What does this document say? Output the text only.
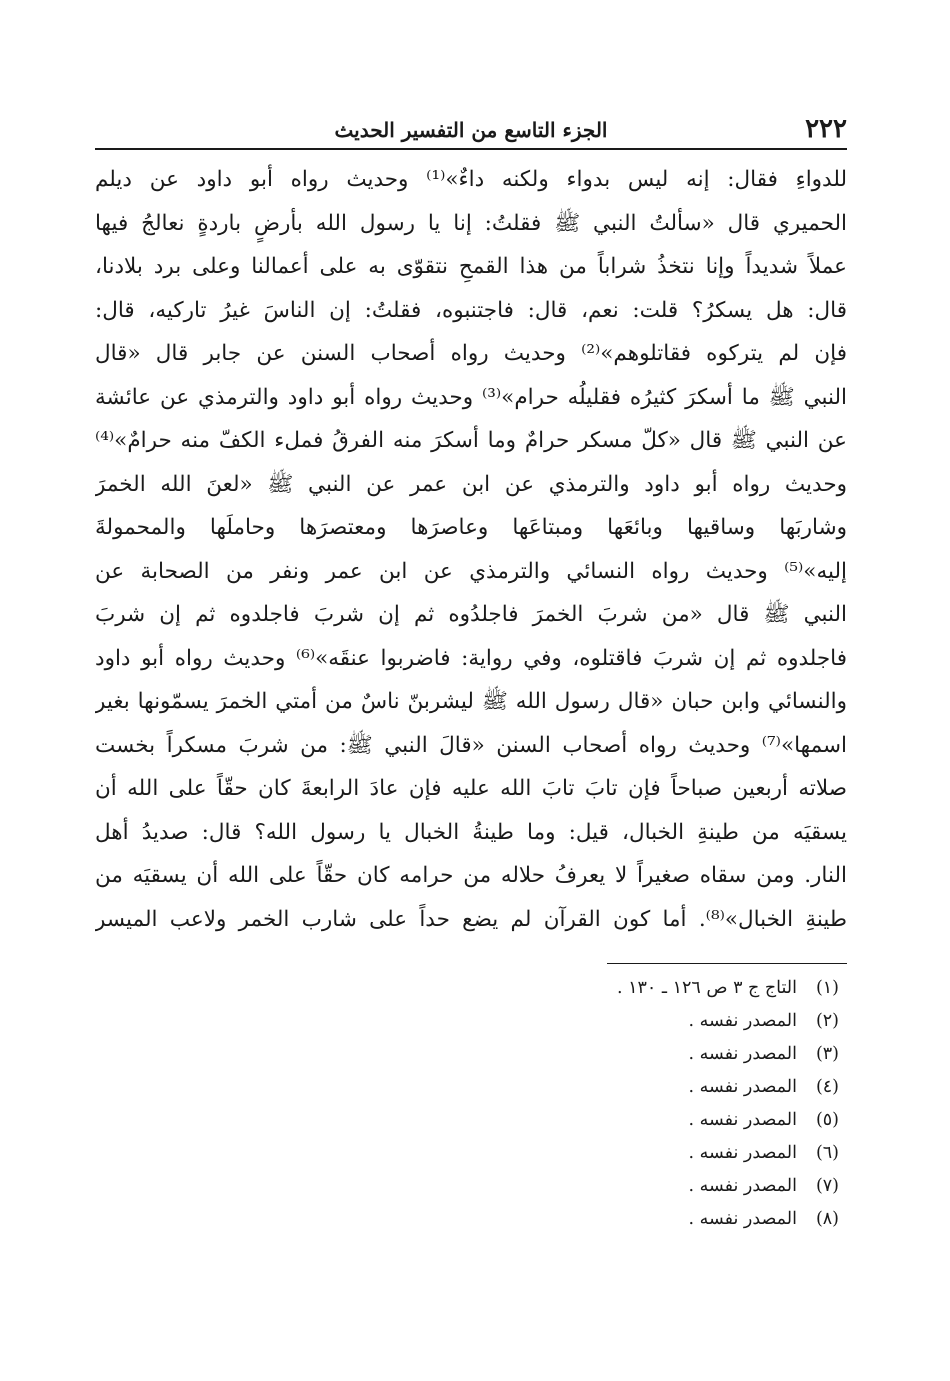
٢٢٢
الجزء التاسع من التفسير الحديث
للدواءِ فقال: إنه ليس بدواء ولكنه داءٌ»⁽¹⁾ وحديث رواه أبو داود عن ديلم
الحميري قال «سألتُ النبي ﷺ فقلتُ: إنا يا رسول الله بأرضٍ باردةٍ نعالجُ فيها
عملاً شديداً وإنا نتخذُ شراباً من هذا القمحِ نتقوّى به على أعمالنا وعلى برد بلادنا،
قال: هل يسكرُ؟ قلت: نعم، قال: فاجتنبوه، فقلتُ: إن الناسَ غيرُ تاركيه، قال:
فإن لم يتركوه فقاتلوهم»⁽²⁾ وحديث رواه أصحاب السنن عن جابر قال «قال
النبي ﷺ ما أسكرَ كثيرُه فقليلُه حرام»⁽³⁾ وحديث رواه أبو داود والترمذي عن عائشة
عن النبي ﷺ قال «كلّ مسكر حرامٌ وما أسكرَ منه الفرقُ فملء الكفّ منه حرامٌ»⁽⁴⁾
وحديث رواه أبو داود والترمذي عن ابن عمر عن النبي ﷺ «لعنَ الله الخمرَ
وشاربَها وساقيها وبائعَها ومبتاعَها وعاصرَها ومعتصرَها وحاملَها والمحمولةَ
إليه»⁽⁵⁾ وحديث رواه النسائي والترمذي عن ابن عمر ونفر من الصحابة عن
النبي ﷺ قال «من شربَ الخمرَ فاجلدُوه ثم إن شربَ فاجلدوه ثم إن شربَ
فاجلدوه ثم إن شربَ فاقتلوه، وفي رواية: فاضربوا عنقَه»⁽⁶⁾ وحديث رواه أبو داود
والنسائي وابن حبان «قال رسول الله ﷺ ليشربنّ ناسٌ من أمتي الخمرَ يسمّونها بغير
اسمها»⁽⁷⁾ وحديث رواه أصحاب السنن «قالَ النبي ﷺ: من شربَ مسكراً بخست
صلاته أربعين صباحاً فإن تابَ تابَ الله عليه فإن عادَ الرابعةَ كان حقّاً على الله أن
يسقيَه من طينةِ الخبال، قيل: وما طينةُ الخبال يا رسول الله؟ قال: صديدُ أهل
النار. ومن سقاه صغيراً لا يعرفُ حلاله من حرامه كان حقّاً على الله أن يسقيَه من
طينةِ الخبال»⁽⁸⁾. أما كون القرآن لم يضع حداً على شارب الخمر ولاعب الميسر
(١)التاج ج ٣ ص ١٢٦ ـ ١٣٠ .
(٢)المصدر نفسه .
(٣)المصدر نفسه .
(٤)المصدر نفسه .
(٥)المصدر نفسه .
(٦)المصدر نفسه .
(٧)المصدر نفسه .
(٨)المصدر نفسه .
